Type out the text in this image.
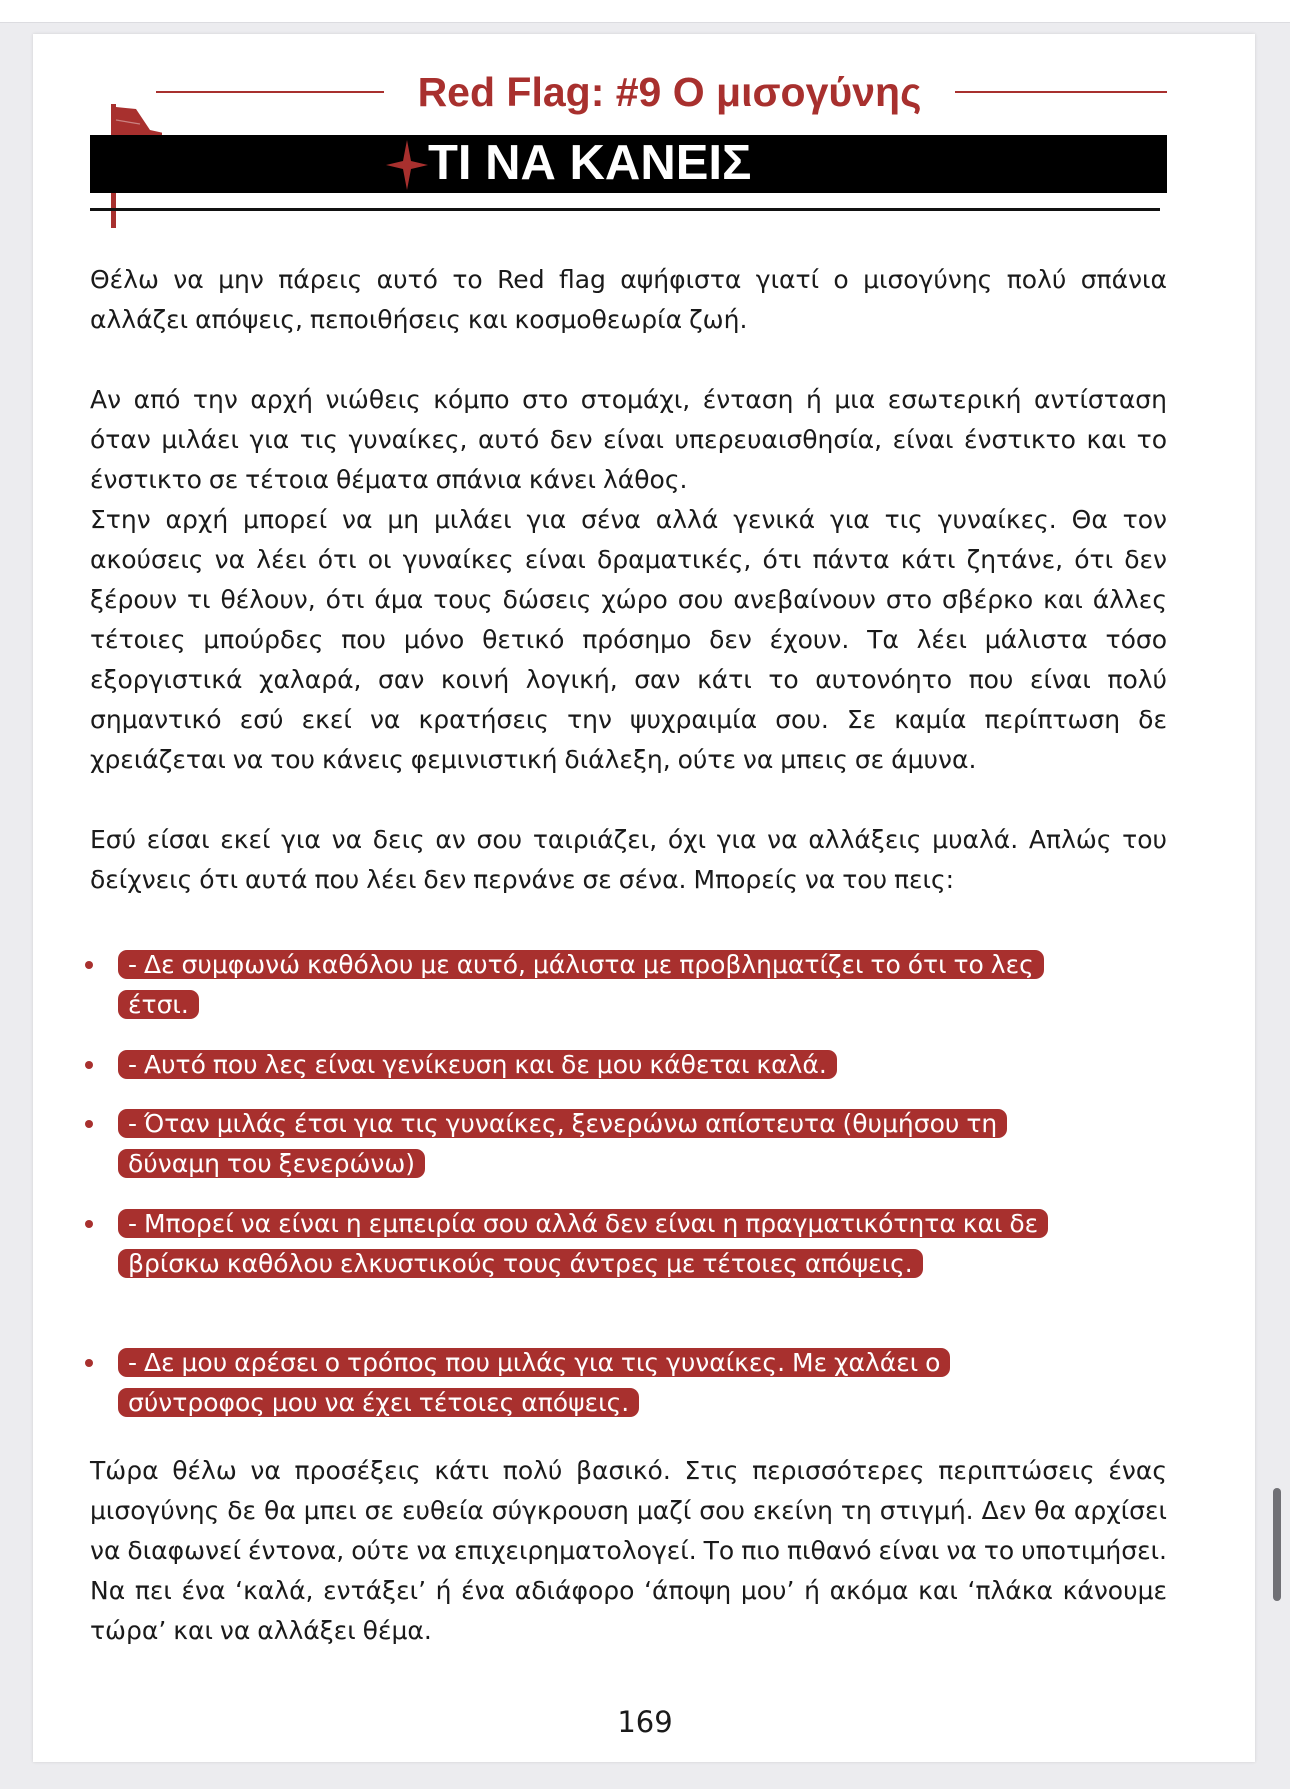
Red Flag: #9 Ο μισογύνης
ΤΙ ΝΑ ΚΑΝΕΙΣ

Θέλω να μην πάρεις αυτό το Red flag αψήφιστα γιατί ο μισογύνης πολύ σπάνια αλλάζει απόψεις, πεποιθήσεις και κοσμοθεωρία ζωή.

Αν από την αρχή νιώθεις κόμπο στο στομάχι, ένταση ή μια εσωτερική αντίσταση όταν μιλάει για τις γυναίκες, αυτό δεν είναι υπερευαισθησία, είναι ένστικτο και το ένστικτο σε τέτοια θέματα σπάνια κάνει λάθος.

Στην αρχή μπορεί να μη μιλάει για σένα αλλά γενικά για τις γυναίκες. Θα τον ακούσεις να λέει ότι οι γυναίκες είναι δραματικές, ότι πάντα κάτι ζητάνε, ότι δεν ξέρουν τι θέλουν, ότι άμα τους δώσεις χώρο σου ανεβαίνουν στο σβέρκο και άλλες τέτοιες μπούρδες που μόνο θετικό πρόσημο δεν έχουν. Τα λέει μάλιστα τόσο εξοργιστικά χαλαρά, σαν κοινή λογική, σαν κάτι το αυτονόητο που είναι πολύ σημαντικό εσύ εκεί να κρατήσεις την ψυχραιμία σου. Σε καμία περίπτωση δε χρειάζεται να του κάνεις φεμινιστική διάλεξη, ούτε να μπεις σε άμυνα.

Εσύ είσαι εκεί για να δεις αν σου ταιριάζει, όχι για να αλλάξεις μυαλά. Απλώς του δείχνεις ότι αυτά που λέει δεν περνάνε σε σένα. Μπορείς να του πεις:

- Δε συμφωνώ καθόλου με αυτό, μάλιστα με προβληματίζει το ότι το λες έτσι.
- Αυτό που λες είναι γενίκευση και δε μου κάθεται καλά.
- Όταν μιλάς έτσι για τις γυναίκες, ξενερώνω απίστευτα (θυμήσου τη δύναμη του ξενερώνω)
- Μπορεί να είναι η εμπειρία σου αλλά δεν είναι η πραγματικότητα και δε βρίσκω καθόλου ελκυστικούς τους άντρες με τέτοιες απόψεις.
- Δε μου αρέσει ο τρόπος που μιλάς για τις γυναίκες. Με χαλάει ο σύντροφος μου να έχει τέτοιες απόψεις.

Τώρα θέλω να προσέξεις κάτι πολύ βασικό. Στις περισσότερες περιπτώσεις ένας μισογύνης δε θα μπει σε ευθεία σύγκρουση μαζί σου εκείνη τη στιγμή. Δεν θα αρχίσει να διαφωνεί έντονα, ούτε να επιχειρηματολογεί. Το πιο πιθανό είναι να το υποτιμήσει. Να πει ένα ‘καλά, εντάξει’ ή ένα αδιάφορο ‘άποψη μου’ ή ακόμα και ‘πλάκα κάνουμε τώρα’ και να αλλάξει θέμα.

169
